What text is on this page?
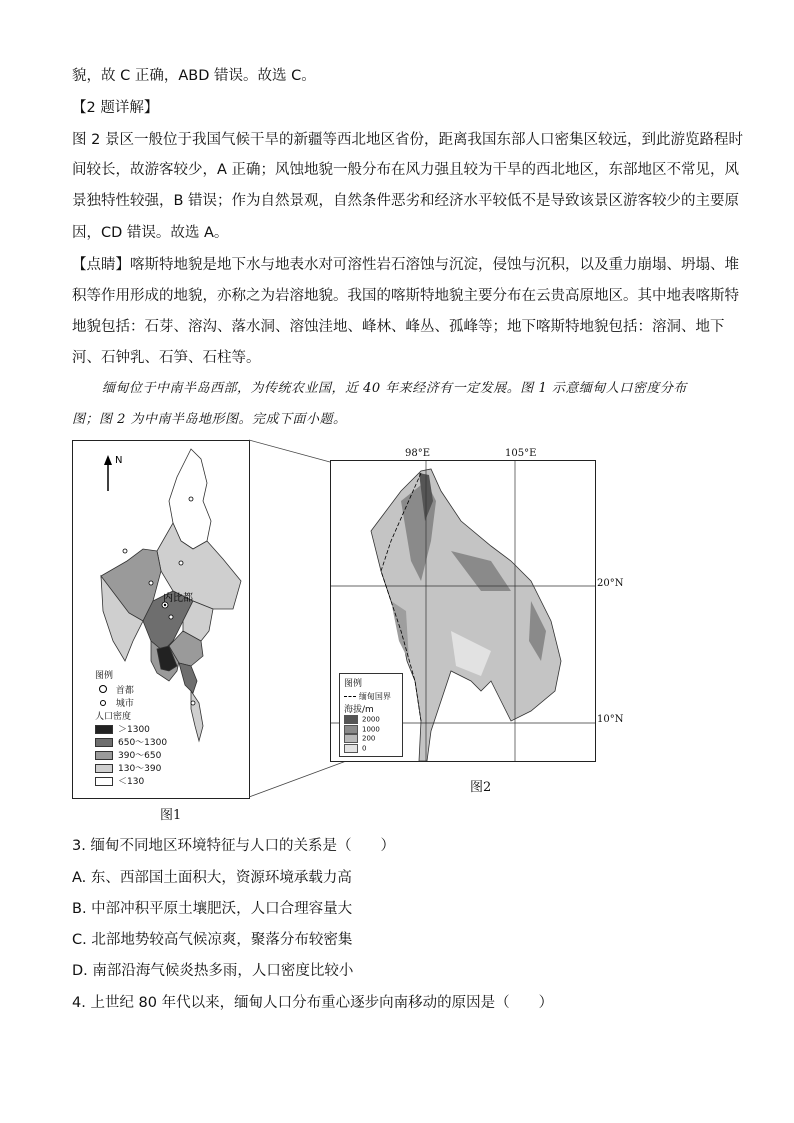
貌，故 C 正确，ABD 错误。故选 C。
【2 题详解】
图 2 景区一般位于我国气候干旱的新疆等西北地区省份，距离我国东部人口密集区较远，到此游览路程时
间较长，故游客较少，A 正确；风蚀地貌一般分布在风力强且较为干旱的西北地区，东部地区不常见，风
景独特性较强，B 错误；作为自然景观，自然条件恶劣和经济水平较低不是导致该景区游客较少的主要原
因，CD 错误。故选 A。
【点睛】喀斯特地貌是地下水与地表水对可溶性岩石溶蚀与沉淀，侵蚀与沉积，以及重力崩塌、坍塌、堆
积等作用形成的地貌，亦称之为岩溶地貌。我国的喀斯特地貌主要分布在云贵高原地区。其中地表喀斯特
地貌包括：石芽、溶沟、落水洞、溶蚀洼地、峰林、峰丛、孤峰等；地下喀斯特地貌包括：溶洞、地下
河、石钟乳、石笋、石柱等。
缅甸位于中南半岛西部，为传统农业国，近 40 年来经济有一定发展。图 1 示意缅甸人口密度分布
图；图 2 为中南半岛地形图。完成下面小题。
N
内比都
图例
首都
城市
人口密度
＞1300
650～1300
390～650
130～390
＜130
图1
图例
缅甸国界
海拔/m
2000
1000
200
0
98°E	105°E
20°N
10°N
图2
3. 缅甸不同地区环境特征与人口的关系是（　　）
A. 东、西部国土面积大，资源环境承载力高
B. 中部冲积平原土壤肥沃，人口合理容量大
C. 北部地势较高气候凉爽，聚落分布较密集
D. 南部沿海气候炎热多雨，人口密度比较小
4. 上世纪 80 年代以来，缅甸人口分布重心逐步向南移动的原因是（　　）
